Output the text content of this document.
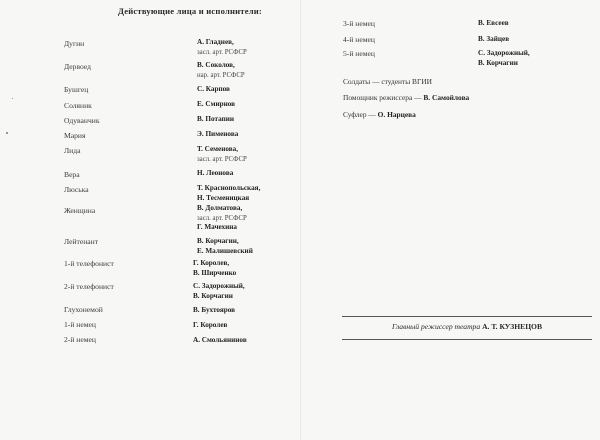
Действующие лица и исполнители:
Дугин	А. Гладнев,
засл. арт. РСФСР
Дервоед	В. Соколов,
нар. арт. РСФСР
Бушгец	С. Карпов
Соляник	Е. Смирнов
Одуванчик	В. Потапин
Мария	Э. Пименова
Лида	Т. Семенова,
засл. арт. РСФСР
Вера	Н. Леонова
Люська	Т. Краснопольская,
Н. Тесменицкая
Женщина	В. Долматова,
засл. арт. РСФСР
Г. Мачехина
Лейтенант	В. Корчагин,
Е. Малишевский
1-й телефонист	Г. Королев,
В. Ширченко
2-й телефонист	С. Задорожный,
В. Корчагин
Глухонемой	В. Бухтояров
1-й немец	Г. Королев
2-й немец	А. Смольянинов
3-й немец	В. Евсеев
4-й немец	В. Зайцев
5-й немец	С. Задорожный,
В. Корчагин
Солдаты — студенты ВГИИ
Помощник режиссера — В. Самойлова
Суфлер — О. Нарцева
Главный режиссер театра А. Т. КУЗНЕЦОВ
